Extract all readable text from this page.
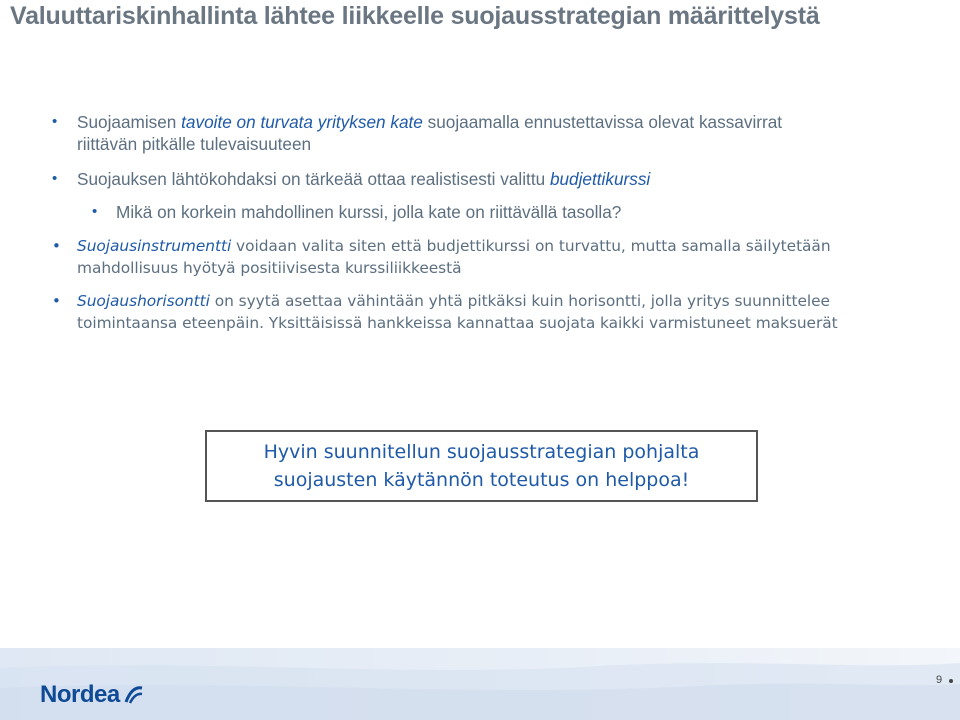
Valuuttariskinhallinta lähtee liikkeelle suojausstrategian määrittelystä
• Suojaamisen tavoite on turvata yrityksen kate suojaamalla ennustettavissa olevat kassavirrat
riittävän pitkälle tulevaisuuteen
• Suojauksen lähtökohdaksi on tärkeää ottaa realistisesti valittu budjettikurssi
• Mikä on korkein mahdollinen kurssi, jolla kate on riittävällä tasolla?
• Suojausinstrumentti voidaan valita siten että budjettikurssi on turvattu, mutta samalla säilytetään
mahdollisuus hyötyä positiivisesta kurssiliikkeestä
• Suojaushorisontti on syytä asettaa vähintään yhtä pitkäksi kuin horisontti, jolla yritys suunnittelee
toimintaansa eteenpäin. Yksittäisissä hankkeissa kannattaa suojata kaikki varmistuneet maksuerät
Hyvin suunnitellun suojausstrategian pohjalta
suojausten käytännön toteutus on helppoa!
Nordea
9
